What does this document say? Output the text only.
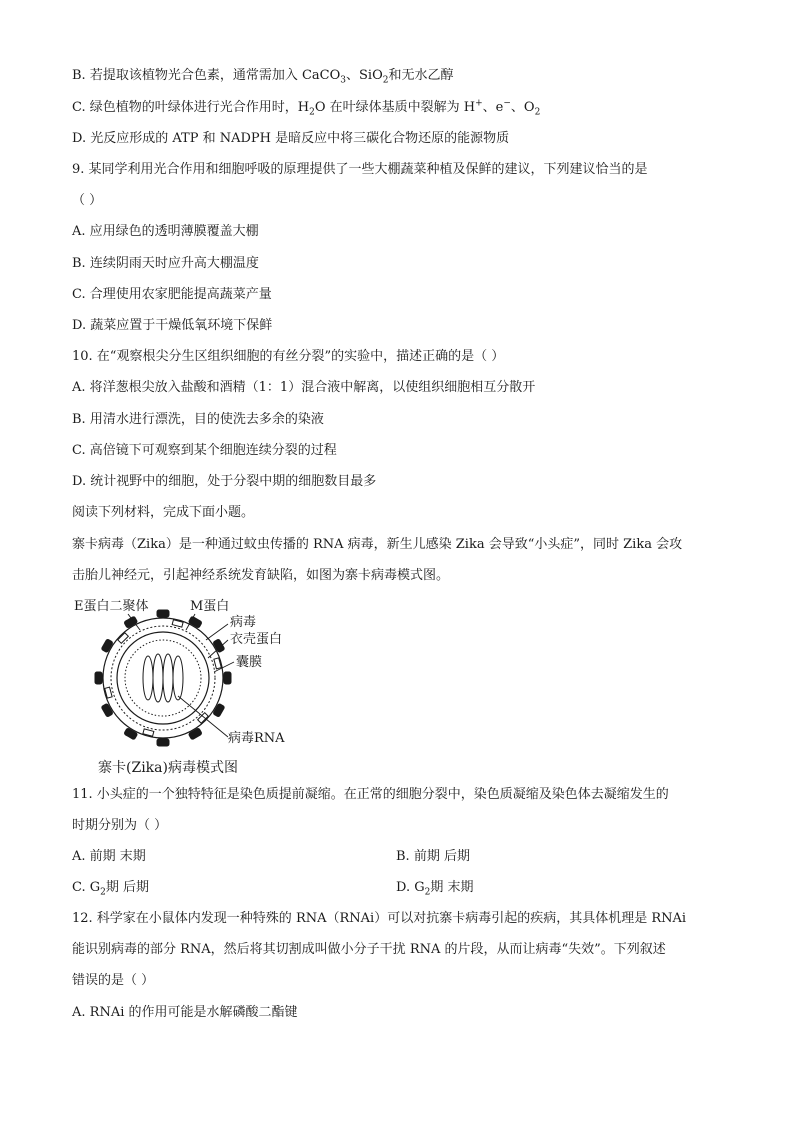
B. 若提取该植物光合色素，通常需加入 CaCO$_3$、SiO$_2$和无水乙醇
C. 绿色植物的叶绿体进行光合作用时，$H_2O$ 在叶绿体基质中裂解为 H+、e−、$O_2$
D. 光反应形成的 ATP 和 NADPH 是暗反应中将三碳化合物还原的能源物质
9. 某同学利用光合作用和细胞呼吸的原理提供了一些大棚蔬菜种植及保鲜的建议，下列建议恰当的是
（ ）
A. 应用绿色的透明薄膜覆盖大棚
B. 连续阴雨天时应升高大棚温度
C. 合理使用农家肥能提高蔬菜产量
D. 蔬菜应置于干燥低氧环境下保鲜
10. 在“观察根尖分生区组织细胞的有丝分裂”的实验中，描述正确的是（ ）
A. 将洋葱根尖放入盐酸和酒精（1：1）混合液中解离，以使组织细胞相互分散开
B. 用清水进行漂洗，目的使洗去多余的染液
C. 高倍镜下可观察到某个细胞连续分裂的过程
D. 统计视野中的细胞，处于分裂中期的细胞数目最多
阅读下列材料，完成下面小题。
寨卡病毒（Zika）是一种通过蚊虫传播的 RNA 病毒，新生儿感染 Zika 会导致“小头症”，同时 Zika 会攻
击胎儿神经元，引起神经系统发育缺陷，如图为寨卡病毒模式图。
E蛋白二聚体	M蛋白
病毒
衣壳蛋白
囊膜
病毒RNA
寨卡(Zika)病毒模式图
11. 小头症的一个独特特征是染色质提前凝缩。在正常的细胞分裂中，染色质凝缩及染色体去凝缩发生的
时期分别为（ ）
A. 前期 末期	B. 前期 后期
C. $G_2$期 后期	D. $G_2$期 末期
12. 科学家在小鼠体内发现一种特殊的 RNA（RNAi）可以对抗寨卡病毒引起的疾病，其具体机理是 RNAi
能识别病毒的部分 RNA，然后将其切割成叫做小分子干扰 RNA 的片段，从而让病毒“失效”。下列叙述
错误的是（ ）
A. RNAi 的作用可能是水解磷酸二酯键
